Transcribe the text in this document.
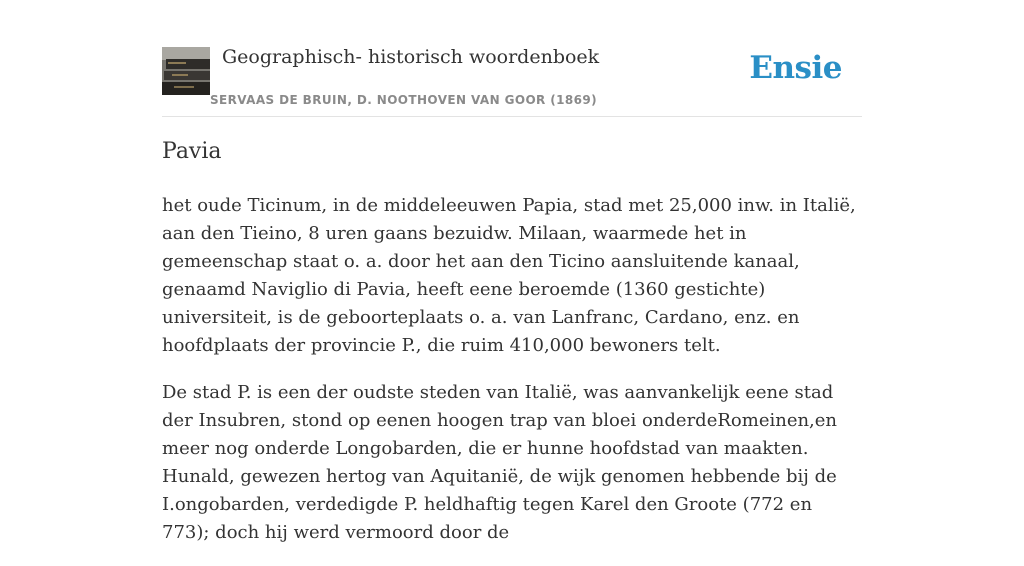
Geographisch- historisch woordenboek
SERVAAS DE BRUIN, D. NOOTHOVEN VAN GOOR (1869)
Ensie
Pavia

het oude Ticinum, in de middeleeuwen Papia, stad met 25,000 inw. in Italië, aan den Tieino, 8 uren gaans bezuidw. Milaan, waarmede het in gemeenschap staat o. a. door het aan den Ticino aansluitende kanaal, genaamd Naviglio di Pavia, heeft eene beroemde (1360 gestichte) universiteit, is de geboorteplaats o. a. van Lanfranc, Cardano, enz. en hoofdplaats der provincie P., die ruim 410,000 bewoners telt.

De stad P. is een der oudste steden van Italië, was aanvankelijk eene stad der Insubren, stond op eenen hoogen trap van bloei onderdeRomeinen,en meer nog onderde Longobarden, die er hunne hoofdstad van maakten. Hunald, gewezen hertog van Aquitanië, de wijk genomen hebbende bij de I.ongobarden, verdedigde P. heldhaftig tegen Karel den Groote (772 en 773); doch hij werd vermoord door de
